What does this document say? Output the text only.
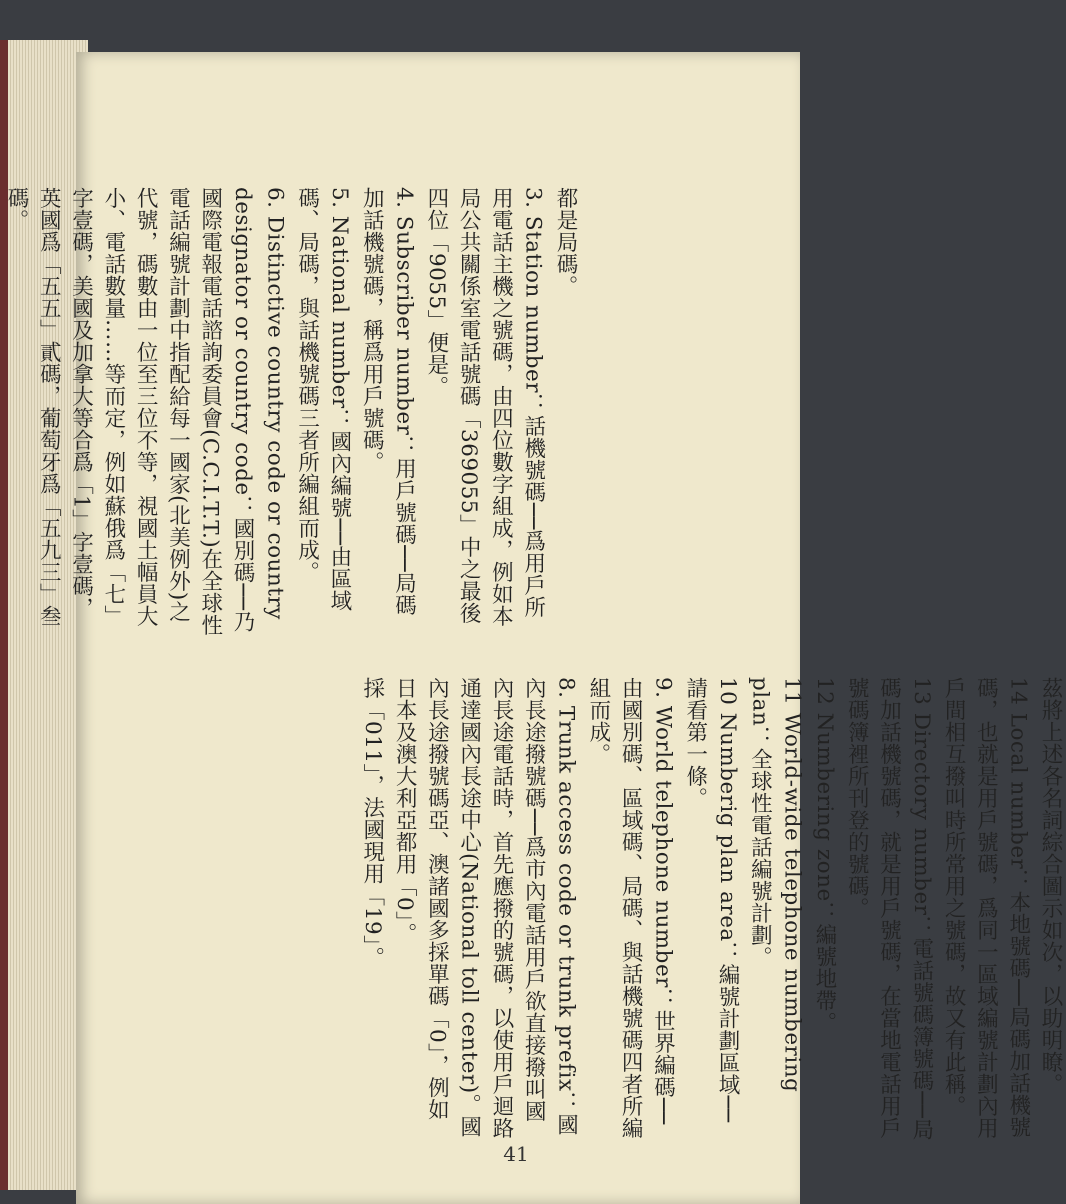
都是局碼。

3. Station number：話機號碼──爲用戶所用電話主機之號碼，由四位數字組成，例如本局公共關係室電話號碼「369055」中之最後四位「9055」便是。

4. Subscriber number：用戶號碼──局碼加話機號碼，稱爲用戶號碼。

5. National number：國內編號──由區域碼、局碼，與話機號碼三者所編組而成。

6. Distinctive country code or country designator or country code：國別碼──乃國際電報電話諮詢委員會(C.C.I.T.T.)在全球性電話編號計劃中指配給每一國家(北美例外)之代號，碼數由一位至三位不等，視國土幅員大小、電話數量……等而定，例如蘇俄爲「七」字壹碼，美國及加拿大等合爲「1」字壹碼，英國爲「五五」貳碼，葡萄牙爲「五九三」叁碼。

茲將上述各名詞綜合圖示如次，以助明瞭。

14 Local number：本地號碼──局碼加話機號碼，也就是用戶號碼，爲同一區域編號計劃內用戶間相互撥叫時所常用之號碼，故又有此稱。

13 Directory number：電話號碼簿號碼──局碼加話機號碼，就是用戶號碼，在當地電話用戶號碼簿裡所刊登的號碼。

12 Numbering zone：編號地帶。

11 World-wide telephone numbering plan：全球性電話編號計劃。

10 Numberig plan area：編號計劃區域──請看第一條。

9. World telephone number：世界編碼──由國別碼、區域碼、局碼、與話機號碼四者所編組而成。

8. Trunk access code or trunk prefix：國內長途撥號碼──爲市內電話用戶欲直接撥叫國內長途電話時，首先應撥的號碼，以使用戶迴路通達國內長途中心(National toll center)。國內長途撥號碼亞、澳諸國多採單碼「0」，例如日本及澳大利亞都用「0」。

採「011」，法國現用「19」。

41
